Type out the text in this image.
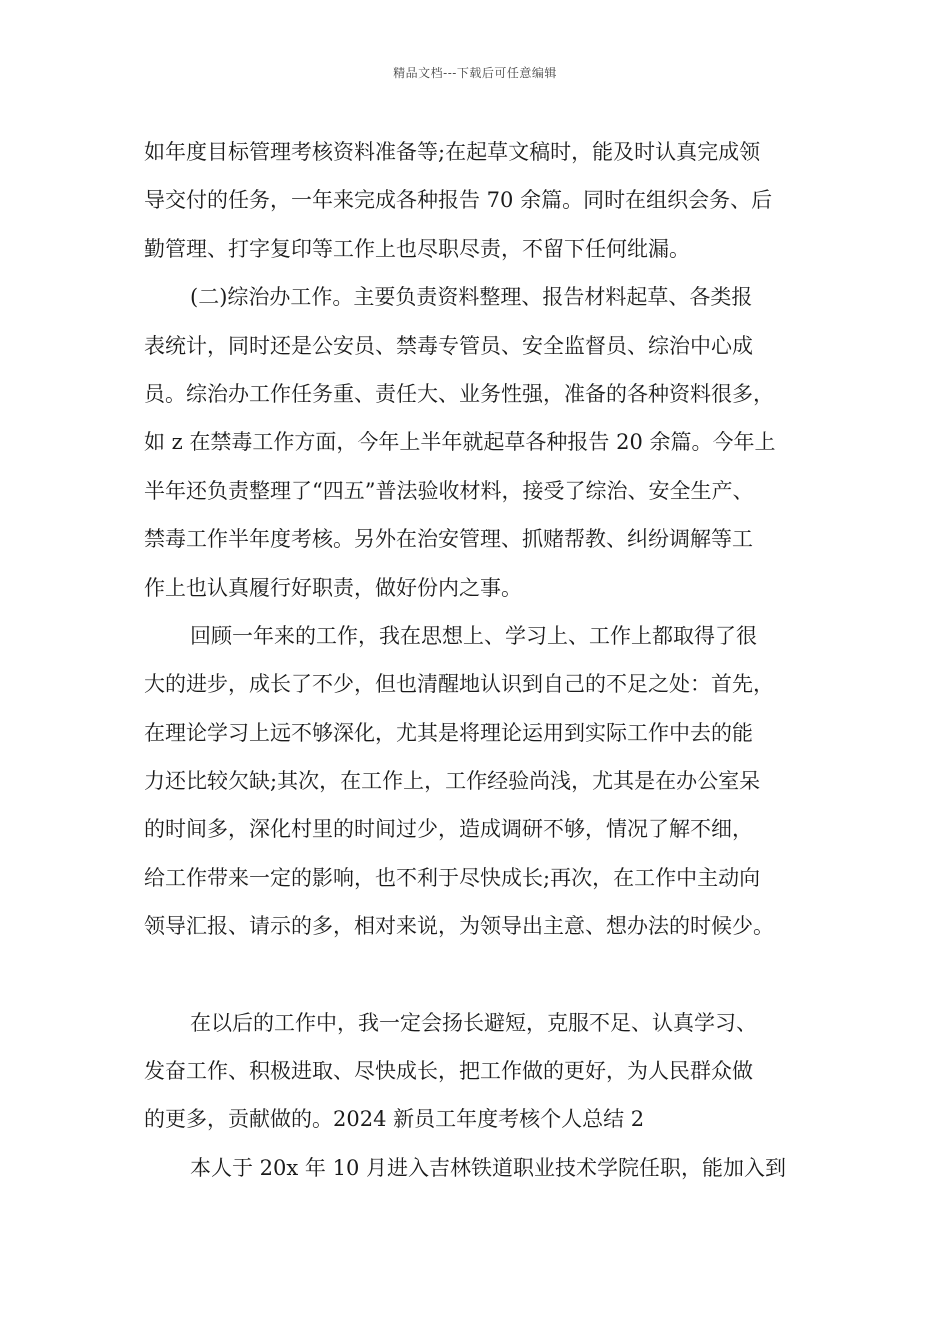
精品文档---下载后可任意编辑
如年度目标管理考核资料准备等;在起草文稿时，能及时认真完成领
导交付的任务，一年来完成各种报告 70 余篇。同时在组织会务、后
勤管理、打字复印等工作上也尽职尽责，不留下任何纰漏。
(二)综治办工作。主要负责资料整理、报告材料起草、各类报
表统计，同时还是公安员、禁毒专管员、安全监督员、综治中心成
员。综治办工作任务重、责任大、业务性强，准备的各种资料很多，
如 z 在禁毒工作方面，今年上半年就起草各种报告 20 余篇。今年上
半年还负责整理了“四五”普法验收材料，接受了综治、安全生产、
禁毒工作半年度考核。另外在治安管理、抓赌帮教、纠纷调解等工
作上也认真履行好职责，做好份内之事。
回顾一年来的工作，我在思想上、学习上、工作上都取得了很
大的进步，成长了不少，但也清醒地认识到自己的不足之处：首先，
在理论学习上远不够深化，尤其是将理论运用到实际工作中去的能
力还比较欠缺;其次，在工作上，工作经验尚浅，尤其是在办公室呆
的时间多，深化村里的时间过少，造成调研不够，情况了解不细，
给工作带来一定的影响，也不利于尽快成长;再次，在工作中主动向
领导汇报、请示的多，相对来说，为领导出主意、想办法的时候少。
在以后的工作中，我一定会扬长避短，克服不足、认真学习、
发奋工作、积极进取、尽快成长，把工作做的更好，为人民群众做
的更多，贡献做的。2024 新员工年度考核个人总结 2
本人于 20x 年 10 月进入吉林铁道职业技术学院任职，能加入到
